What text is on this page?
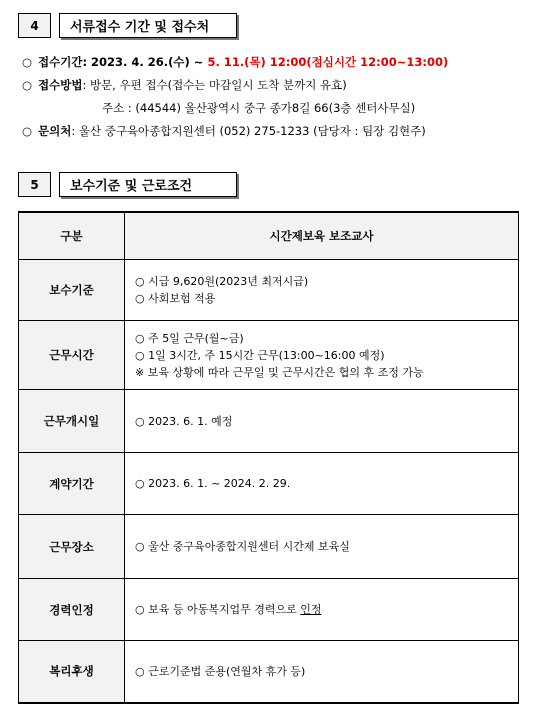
4	서류접수 기간 및 접수처
○ 접수기간: 2023. 4. 26.(수) ~ 5. 11.(목) 12:00(점심시간 12:00~13:00)
○ 접수방법: 방문, 우편 접수(접수는 마감일시 도착 분까지 유효)
주소 : (44544) 울산광역시 중구 종가8길 66(3층 센터사무실)
○ 문의처: 울산 중구육아종합지원센터 (052) 275-1233 (담당자 : 팀장 김현주)
5	보수기준 및 근로조건
구분	시간제보육 보조교사
보수기준	○ 시급 9,620원(2023년 최저시급)
○ 사회보험 적용

근무시간	○ 주 5일 근무(월~금)
○ 1일 3시간, 주 15시간 근무(13:00~16:00 예정)
※ 보육 상황에 따라 근무일 및 근무시간은 협의 후 조정 가능

근무개시일	○ 2023. 6. 1. 예정

계약기간	○ 2023. 6. 1. ~ 2024. 2. 29.

근무장소	○ 울산 중구육아종합지원센터 시간제 보육실

경력인정	○ 보육 등 아동복지업무 경력으로 인정

복리후생	○ 근로기준법 준용(연월차 휴가 등)
